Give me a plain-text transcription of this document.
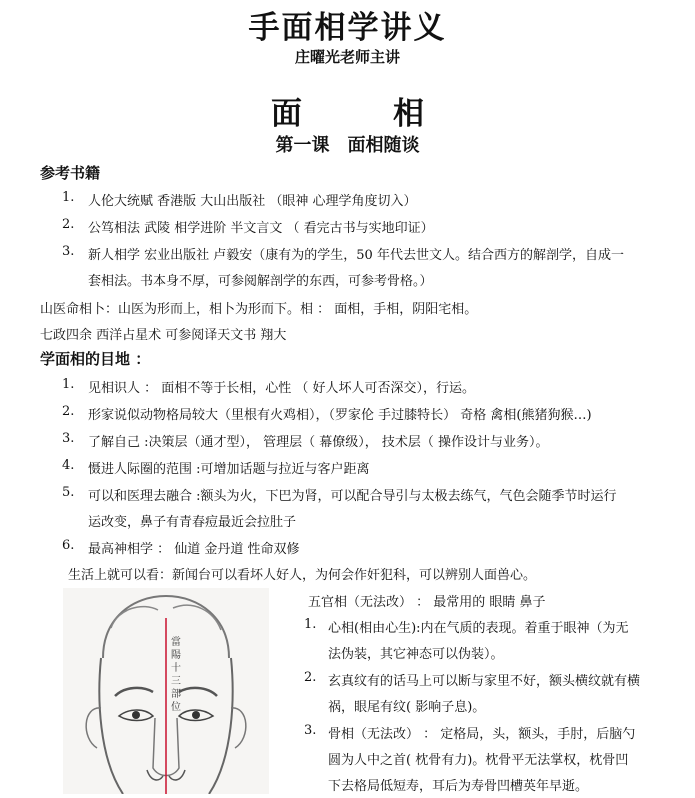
手面相学讲义
庄曜光老师主讲
面　相
第一课　面相随谈
参考书籍
1. 人伦大统赋 香港版 大山出版社 （眼神 心理学角度切入）
2. 公笃相法 武陵 相学进阶 半文言文 （ 看完古书与实地印证）
3. 新人相学 宏业出版社 卢毅安（康有为的学生，50 年代去世文人。结合西方的解剖学，自成一
套相法。书本身不厚，可参阅解剖学的东西，可参考骨格。）
山医命相卜：山医为形而上，相卜为形而下。相 ： 面相，手相，阴阳宅相。
七政四余 西洋占星术 可参阅译天文书 翔大
学面相的目地 ：
1. 见相识人 ： 面相不等于长相，心性 （ 好人坏人可否深交），行运。
2. 形家说似动物格局较大（里根有火鸡相），（罗家伦 手过膝特长） 奇格 禽相(熊猪狗猴…)
3. 了解自己 :决策层（通才型）， 管理层（ 幕僚级）， 技术层（ 操作设计与业务）。
4. 慑进人际圈的范围 :可增加话题与拉近与客户距离
5. 可以和医理去融合 :额头为火，下巴为肾，可以配合导引与太极去练气，气色会随季节时运行
运改变，鼻子有青春痘最近会拉肚子
6. 最高神相学 ： 仙道 金丹道 性命双修
生活上就可以看：新闻台可以看坏人好人，为何会作奸犯科，可以辨别人面兽心。
當陽十三部位
五官相（无法改） ： 最常用的 眼睛 鼻子
1. 心相(相由心生):内在气质的表现。着重于眼神（为无
法伪装，其它神态可以伪装）。
2. 玄真纹有的话马上可以断与家里不好，额头横纹就有横
祸，眼尾有纹( 影响子息)。
3. 骨相（无法改） ： 定格局，头，额头，手肘，后脑勺
圆为人中之首( 枕骨有力)。枕骨平无法掌权，枕骨凹
下去格局低短寿，耳后为寿骨凹槽英年早逝。
